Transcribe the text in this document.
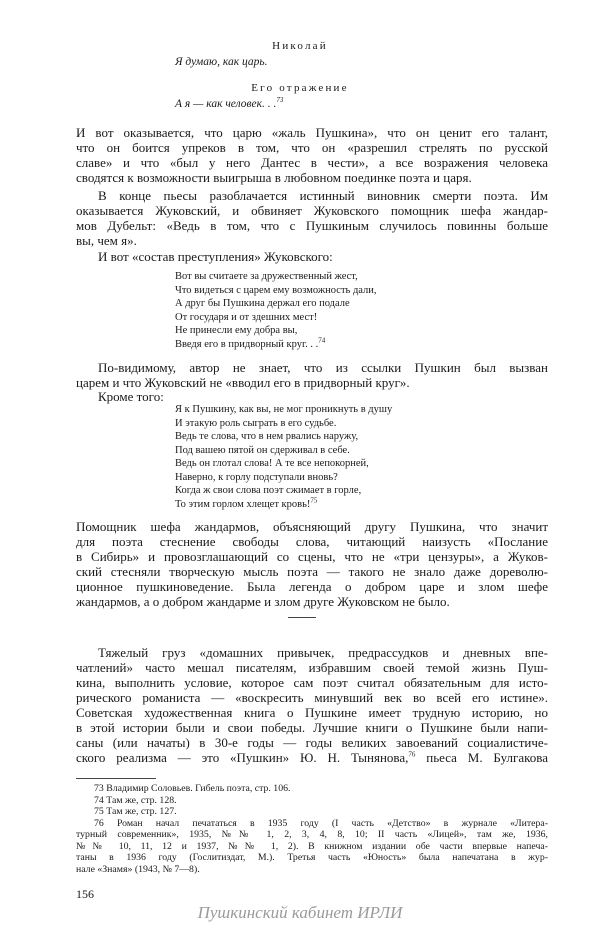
Николай
Я думаю, как царь.
Его отражение
А я — как человек. . .$^{73}$
И вот оказывается, что царю «жаль Пушкина», что он ценит его талант,
что он боится упреков в том, что он «разрешил стрелять по русской
славе» и что «был у него Дантес в чести», а все возражения человека
сводятся к возможности выигрыша в любовном поединке поэта и царя.
В конце пьесы разоблачается истинный виновник смерти поэта. Им
оказывается Жуковский, и обвиняет Жуковского помощник шефа жандар-
мов Дубельт: «Ведь в том, что с Пушкиным случилось повинны больше
вы, чем я».
И вот «состав преступления» Жуковского:
Вот вы считаете за дружественный жест,
Что видеться с царем ему возможность дали,
А друг бы Пушкина держал его подале
От государя и от здешних мест!
Не принесли ему добра вы,
Введя его в придворный круг. . .$^{74}$
По-видимому, автор не знает, что из ссылки Пушкин был вызван
царем и что Жуковский не «вводил его в придворный круг».
Кроме того:
Я к Пушкину, как вы, не мог проникнуть в душу
И этакую роль сыграть в его судьбе.
Ведь те слова, что в нем рвались наружу,
Под вашею пятой он сдерживал в себе.
Ведь он глотал слова! А те все непокорней,
Наверно, к горлу подступали вновь?
Когда ж свои слова поэт сжимает в горле,
То этим горлом хлещет кровь!$^{75}$
Помощник шефа жандармов, объясняющий другу Пушкина, что значит
для поэта стеснение свободы слова, читающий наизусть «Послание
в Сибирь» и провозглашающий со сцены, что не «три цензуры», а Жуков-
ский стесняли творческую мысль поэта — такого не знало даже дореволю-
ционное пушкиноведение. Была легенда о добром царе и злом шефе
жандармов, а о добром жандарме и злом друге Жуковском не было.
Тяжелый груз «домашних привычек, предрассудков и дневных впе-
чатлений» часто мешал писателям, избравшим своей темой жизнь Пуш-
кина, выполнить условие, которое сам поэт считал обязательным для исто-
рического романиста — «воскресить минувший век во всей его истине».
Советская художественная книга о Пушкине имеет трудную историю, но
в этой истории были и свои победы. Лучшие книги о Пушкине были напи-
саны (или начаты) в 30-е годы — годы великих завоеваний социалистиче-
ского реализма — это «Пушкин» Ю. Н. Тынянова,$^{76}$ пьеса М. Булгакова
73 Владимир Соловьев. Гибель поэта, стр. 106.
74 Там же, стр. 128.
75 Там же, стр. 127.
76 Роман начал печататься в 1935 году (I часть «Детство» в журнале «Литера-
турный современник», 1935, №№ 1, 2, 3, 4, 8, 10; II часть «Лицей», там же, 1936,
№№ 10, 11, 12 и 1937, №№ 1, 2). В книжном издании обе части впервые напеча-
таны в 1936 году (Гослитиздат, М.). Третья часть «Юность» была напечатана в жур-
нале «Знамя» (1943, № 7—8).
156
Пушкинский кабинет ИРЛИ
